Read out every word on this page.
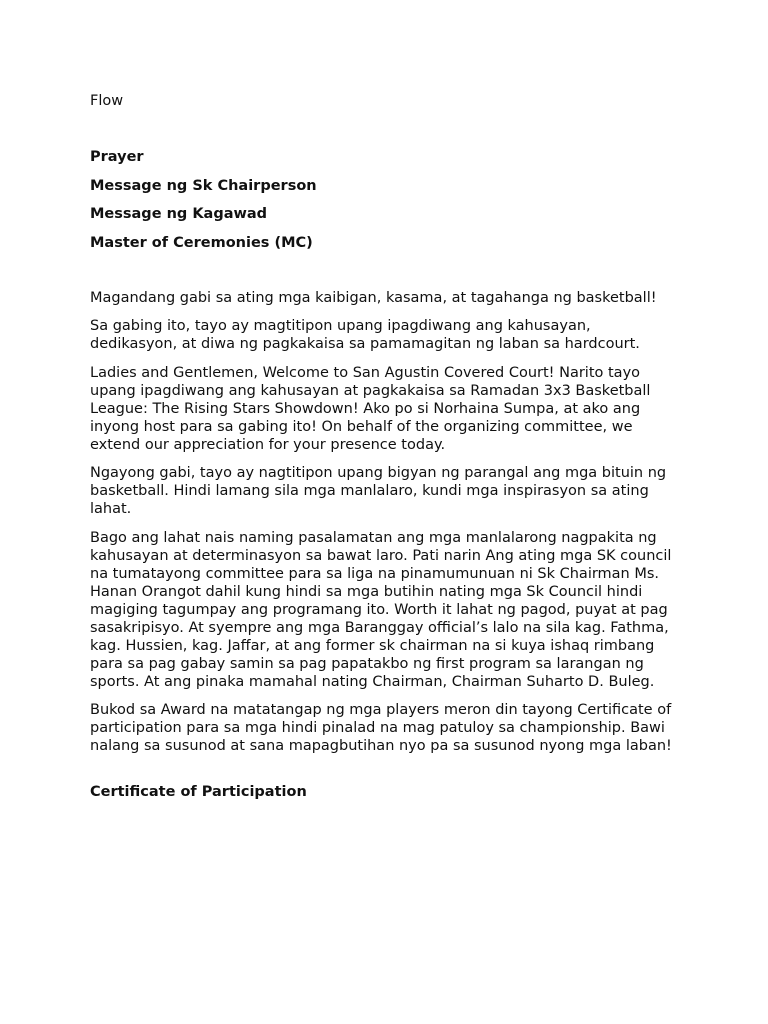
Flow
Prayer
Message ng Sk Chairperson
Message ng Kagawad
Master of Ceremonies (MC)

Magandang gabi sa ating mga kaibigan, kasama, at tagahanga ng basketball!

Sa gabing ito, tayo ay magtitipon upang ipagdiwang ang kahusayan, dedikasyon, at diwa ng pagkakaisa sa pamamagitan ng laban sa hardcourt.

Ladies and Gentlemen, Welcome to San Agustin Covered Court! Narito tayo upang ipagdiwang ang kahusayan at pagkakaisa sa Ramadan 3x3 Basketball League: The Rising Stars Showdown! Ako po si Norhaina Sumpa, at ako ang inyong host para sa gabing ito! On behalf of the organizing committee, we extend our appreciation for your presence today.

Ngayong gabi, tayo ay nagtitipon upang bigyan ng parangal ang mga bituin ng basketball. Hindi lamang sila mga manlalaro, kundi mga inspirasyon sa ating lahat.

Bago ang lahat nais naming pasalamatan ang mga manlalarong nagpakita ng kahusayan at determinasyon sa bawat laro. Pati narin Ang ating mga SK council na tumatayong committee para sa liga na pinamumunuan ni Sk Chairman Ms. Hanan Orangot dahil kung hindi sa mga butihin nating mga Sk Council hindi magiging tagumpay ang programang ito. Worth it lahat ng pagod, puyat at pag sasakripisyo. At syempre ang mga Baranggay official’s lalo na sila kag. Fathma, kag. Hussien, kag. Jaffar, at ang former sk chairman na si kuya ishaq rimbang para sa pag gabay samin sa pag papatakbo ng first program sa larangan ng sports. At ang pinaka mamahal nating Chairman, Chairman Suharto D. Buleg.

Bukod sa Award na matatangap ng mga players meron din tayong Certificate of participation para sa mga hindi pinalad na mag patuloy sa championship. Bawi nalang sa susunod at sana mapagbutihan nyo pa sa susunod nyong mga laban!

Certificate of Participation
